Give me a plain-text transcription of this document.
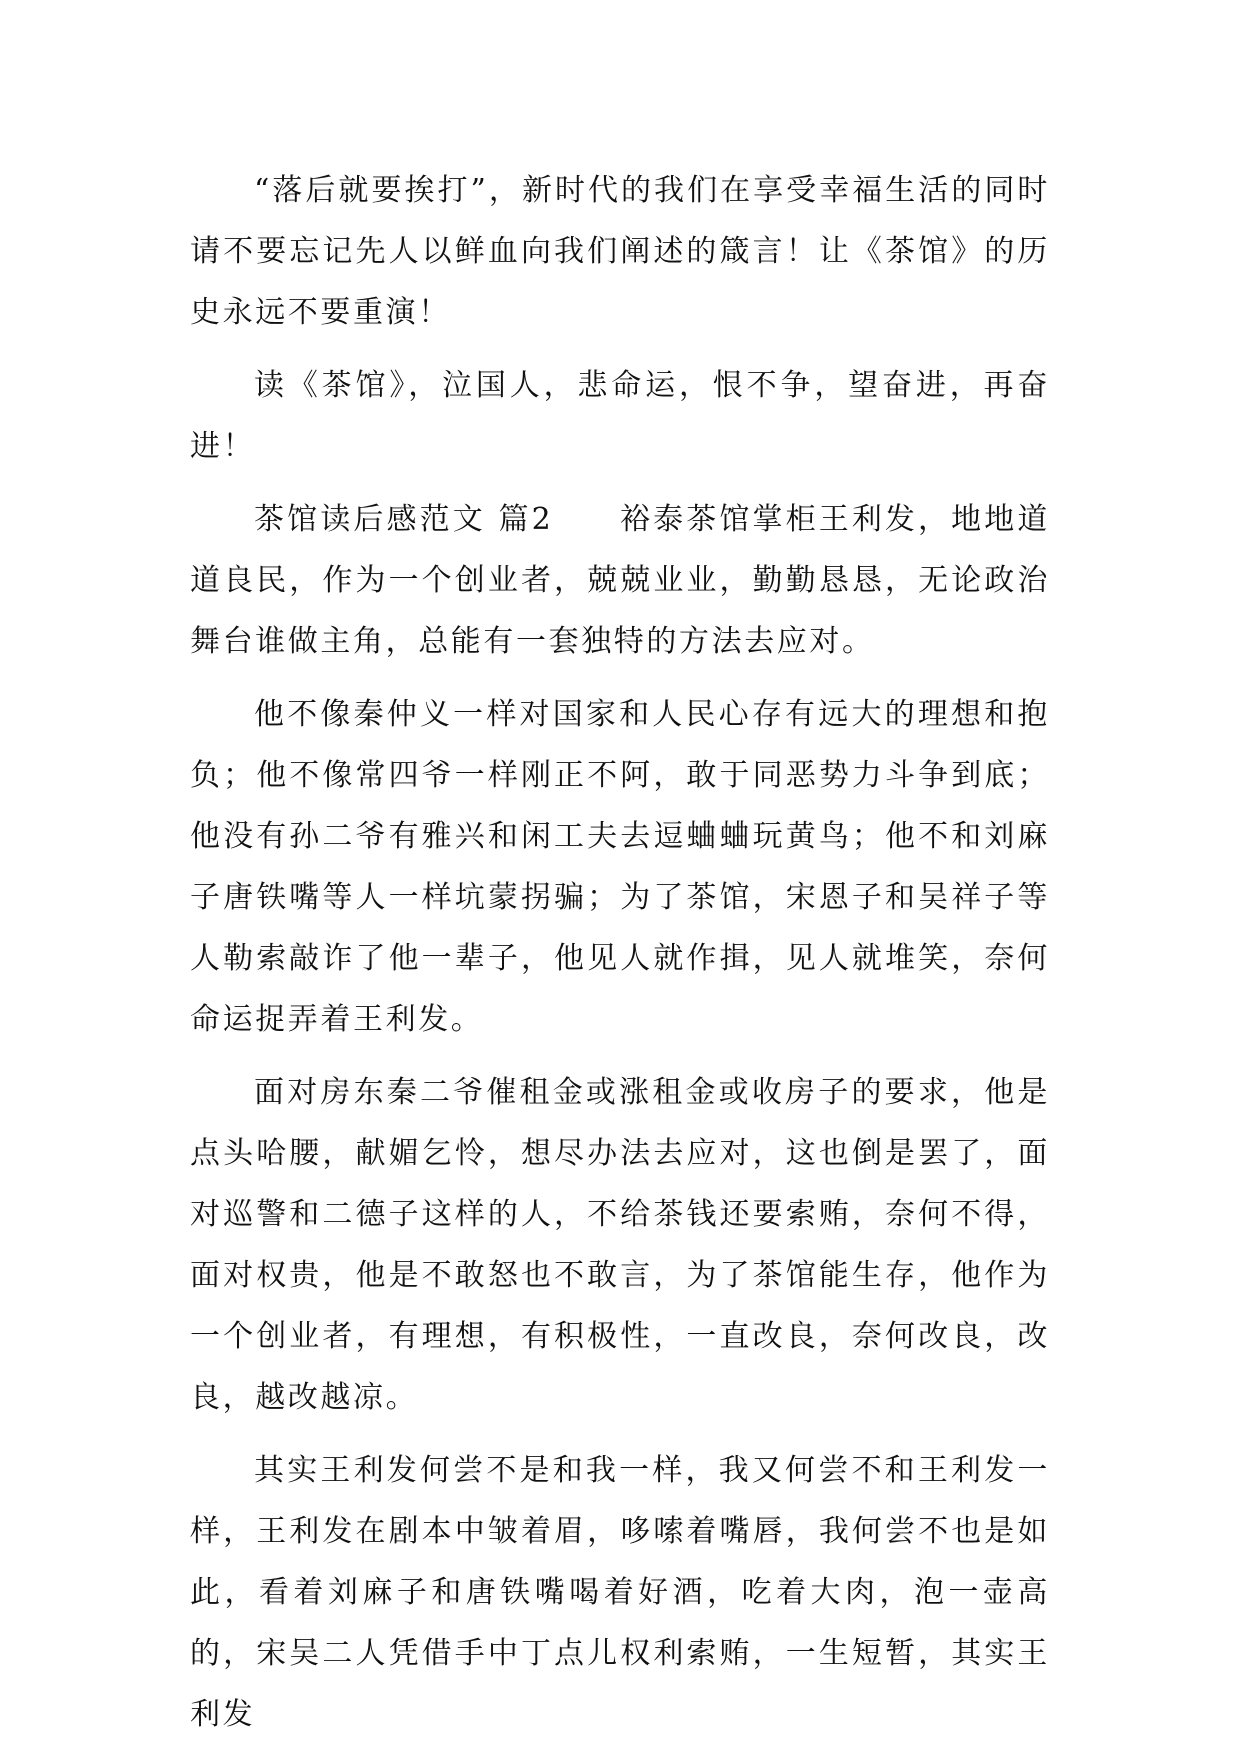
“落后就要挨打”，新时代的我们在享受幸福生活的同时请不要忘记先人以鲜血向我们阐述的箴言！让《茶馆》的历史永远不要重演！

读《茶馆》，泣国人，悲命运，恨不争，望奋进，再奋进！

茶馆读后感范文 篇2　　裕泰茶馆掌柜王利发，地地道道良民，作为一个创业者，兢兢业业，勤勤恳恳，无论政治舞台谁做主角，总能有一套独特的方法去应对。

他不像秦仲义一样对国家和人民心存有远大的理想和抱负；他不像常四爷一样刚正不阿，敢于同恶势力斗争到底；他没有孙二爷有雅兴和闲工夫去逗蛐蛐玩黄鸟；他不和刘麻子唐铁嘴等人一样坑蒙拐骗；为了茶馆，宋恩子和吴祥子等人勒索敲诈了他一辈子，他见人就作揖，见人就堆笑，奈何命运捉弄着王利发。

面对房东秦二爷催租金或涨租金或收房子的要求，他是点头哈腰，献媚乞怜，想尽办法去应对，这也倒是罢了，面对巡警和二德子这样的人，不给茶钱还要索贿，奈何不得，面对权贵，他是不敢怒也不敢言，为了茶馆能生存，他作为一个创业者，有理想，有积极性，一直改良，奈何改良，改良，越改越凉。

其实王利发何尝不是和我一样，我又何尝不和王利发一样，王利发在剧本中皱着眉，哆嗦着嘴唇，我何尝不也是如此，看着刘麻子和唐铁嘴喝着好酒，吃着大肉，泡一壶高的，宋吴二人凭借手中丁点儿权利索贿，一生短暂，其实王利发
